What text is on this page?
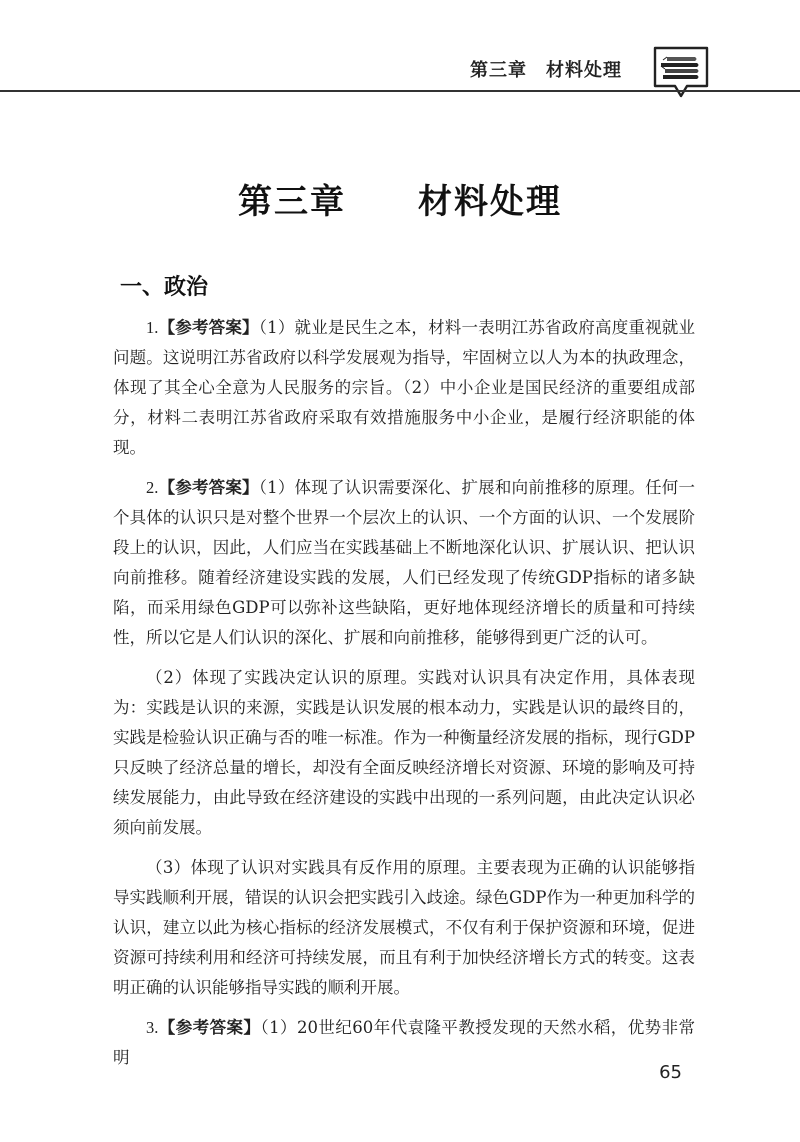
第三章　材料处理
第三章　　材料处理
一、政治

1.【参考答案】（1）就业是民生之本，材料一表明江苏省政府高度重视就业问题。这说明江苏省政府以科学发展观为指导，牢固树立以人为本的执政理念，体现了其全心全意为人民服务的宗旨。（2）中小企业是国民经济的重要组成部分，材料二表明江苏省政府采取有效措施服务中小企业，是履行经济职能的体现。

2.【参考答案】（1）体现了认识需要深化、扩展和向前推移的原理。任何一个具体的认识只是对整个世界一个层次上的认识、一个方面的认识、一个发展阶段上的认识，因此，人们应当在实践基础上不断地深化认识、扩展认识、把认识向前推移。随着经济建设实践的发展，人们已经发现了传统GDP指标的诸多缺陷，而采用绿色GDP可以弥补这些缺陷，更好地体现经济增长的质量和可持续性，所以它是人们认识的深化、扩展和向前推移，能够得到更广泛的认可。

（2）体现了实践决定认识的原理。实践对认识具有决定作用，具体表现为：实践是认识的来源，实践是认识发展的根本动力，实践是认识的最终目的，实践是检验认识正确与否的唯一标准。作为一种衡量经济发展的指标，现行GDP只反映了经济总量的增长，却没有全面反映经济增长对资源、环境的影响及可持续发展能力，由此导致在经济建设的实践中出现的一系列问题，由此决定认识必须向前发展。

（3）体现了认识对实践具有反作用的原理。主要表现为正确的认识能够指导实践顺利开展，错误的认识会把实践引入歧途。绿色GDP作为一种更加科学的认识，建立以此为核心指标的经济发展模式，不仅有利于保护资源和环境，促进资源可持续利用和经济可持续发展，而且有利于加快经济增长方式的转变。这表明正确的认识能够指导实践的顺利开展。

3.【参考答案】（1）20世纪60年代袁隆平教授发现的天然水稻，优势非常明

65
